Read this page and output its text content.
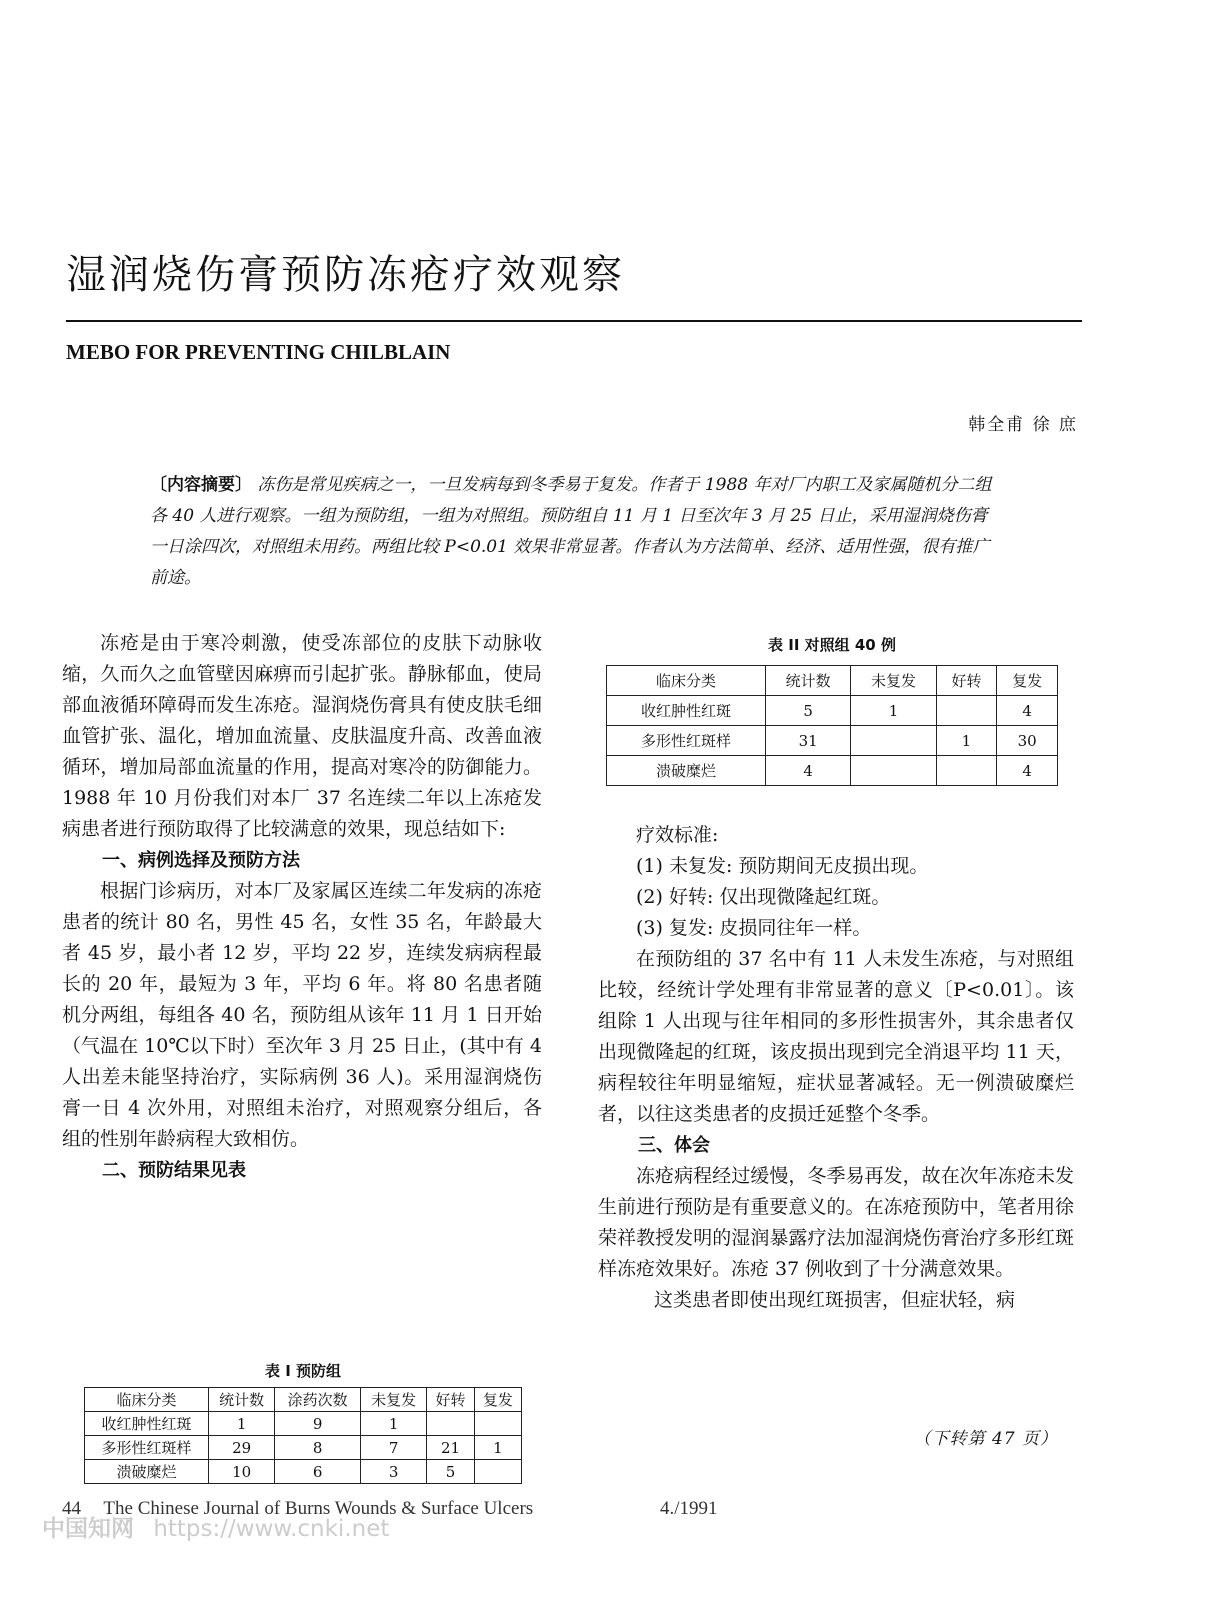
湿润烧伤膏预防冻疮疗效观察
MEBO FOR PREVENTING CHILBLAIN
韩全甫 徐 庶
〔内容摘要〕 冻伤是常见疾病之一，一旦发病每到冬季易于复发。作者于 1988 年对厂内职工及家属随机分二组各 40 人进行观察。一组为预防组，一组为对照组。预防组自 11 月 1 日至次年 3 月 25 日止，采用湿润烧伤膏一日涂四次，对照组未用药。两组比较 P<0.01 效果非常显著。作者认为方法简单、经济、适用性强，很有推广前途。

冻疮是由于寒冷刺激，使受冻部位的皮肤下动脉收缩，久而久之血管壁因麻痹而引起扩张。静脉郁血，使局部血液循环障碍而发生冻疮。湿润烧伤膏具有使皮肤毛细血管扩张、温化，增加血流量、皮肤温度升高、改善血液循环，增加局部血流量的作用，提高对寒冷的防御能力。1988 年 10 月份我们对本厂 37 名连续二年以上冻疮发病患者进行预防取得了比较满意的效果，现总结如下:

一、病例选择及预防方法

根据门诊病历，对本厂及家属区连续二年发病的冻疮患者的统计 80 名，男性 45 名，女性 35 名，年龄最大者 45 岁，最小者 12 岁，平均 22 岁，连续发病病程最长的 20 年，最短为 3 年，平均 6 年。将 80 名患者随机分两组，每组各 40 名，预防组从该年 11 月 1 日开始（气温在 10℃以下时）至次年 3 月 25 日止，(其中有 4 人出差未能坚持治疗，实际病例 36 人)。采用湿润烧伤膏一日 4 次外用，对照组未治疗，对照观察分组后，各组的性别年龄病程大致相仿。

二、预防结果见表

表 I 预防组
临床分类	统计数	涂药次数	未复发	好转	复发
收红肿性红斑	1	9	1		
多形性红斑样	29	8	7	21	1
溃破糜烂	10	6	3	5	
表 II 对照组 40 例
临床分类	统计数	未复发	好转	复发
收红肿性红斑	5	1		4
多形性红斑样	31		1	30
溃破糜烂	4			4

疗效标准:

(1) 未复发: 预防期间无皮损出现。

(2) 好转: 仅出现微隆起红斑。

(3) 复发: 皮损同往年一样。

在预防组的 37 名中有 11 人未发生冻疮，与对照组比较，经统计学处理有非常显著的意义〔P<0.01〕。该组除 1 人出现与往年相同的多形性损害外，其余患者仅出现微隆起的红斑，该皮损出现到完全消退平均 11 天，病程较往年明显缩短，症状显著减轻。无一例溃破糜烂者，以往这类患者的皮损迁延整个冬季。

三、体会

冻疮病程经过缓慢，冬季易再发，故在次年冻疮未发生前进行预防是有重要意义的。在冻疮预防中，笔者用徐荣祥教授发明的湿润暴露疗法加湿润烧伤膏治疗多形红斑样冻疮效果好。冻疮 37 例收到了十分满意效果。

这类患者即使出现红斑损害，但症状轻，病

（下转第 47 页）
44 The Chinese Journal of Burns Wounds & Surface Ulcers	4./1991
中国知网 https://www.cnki.net
